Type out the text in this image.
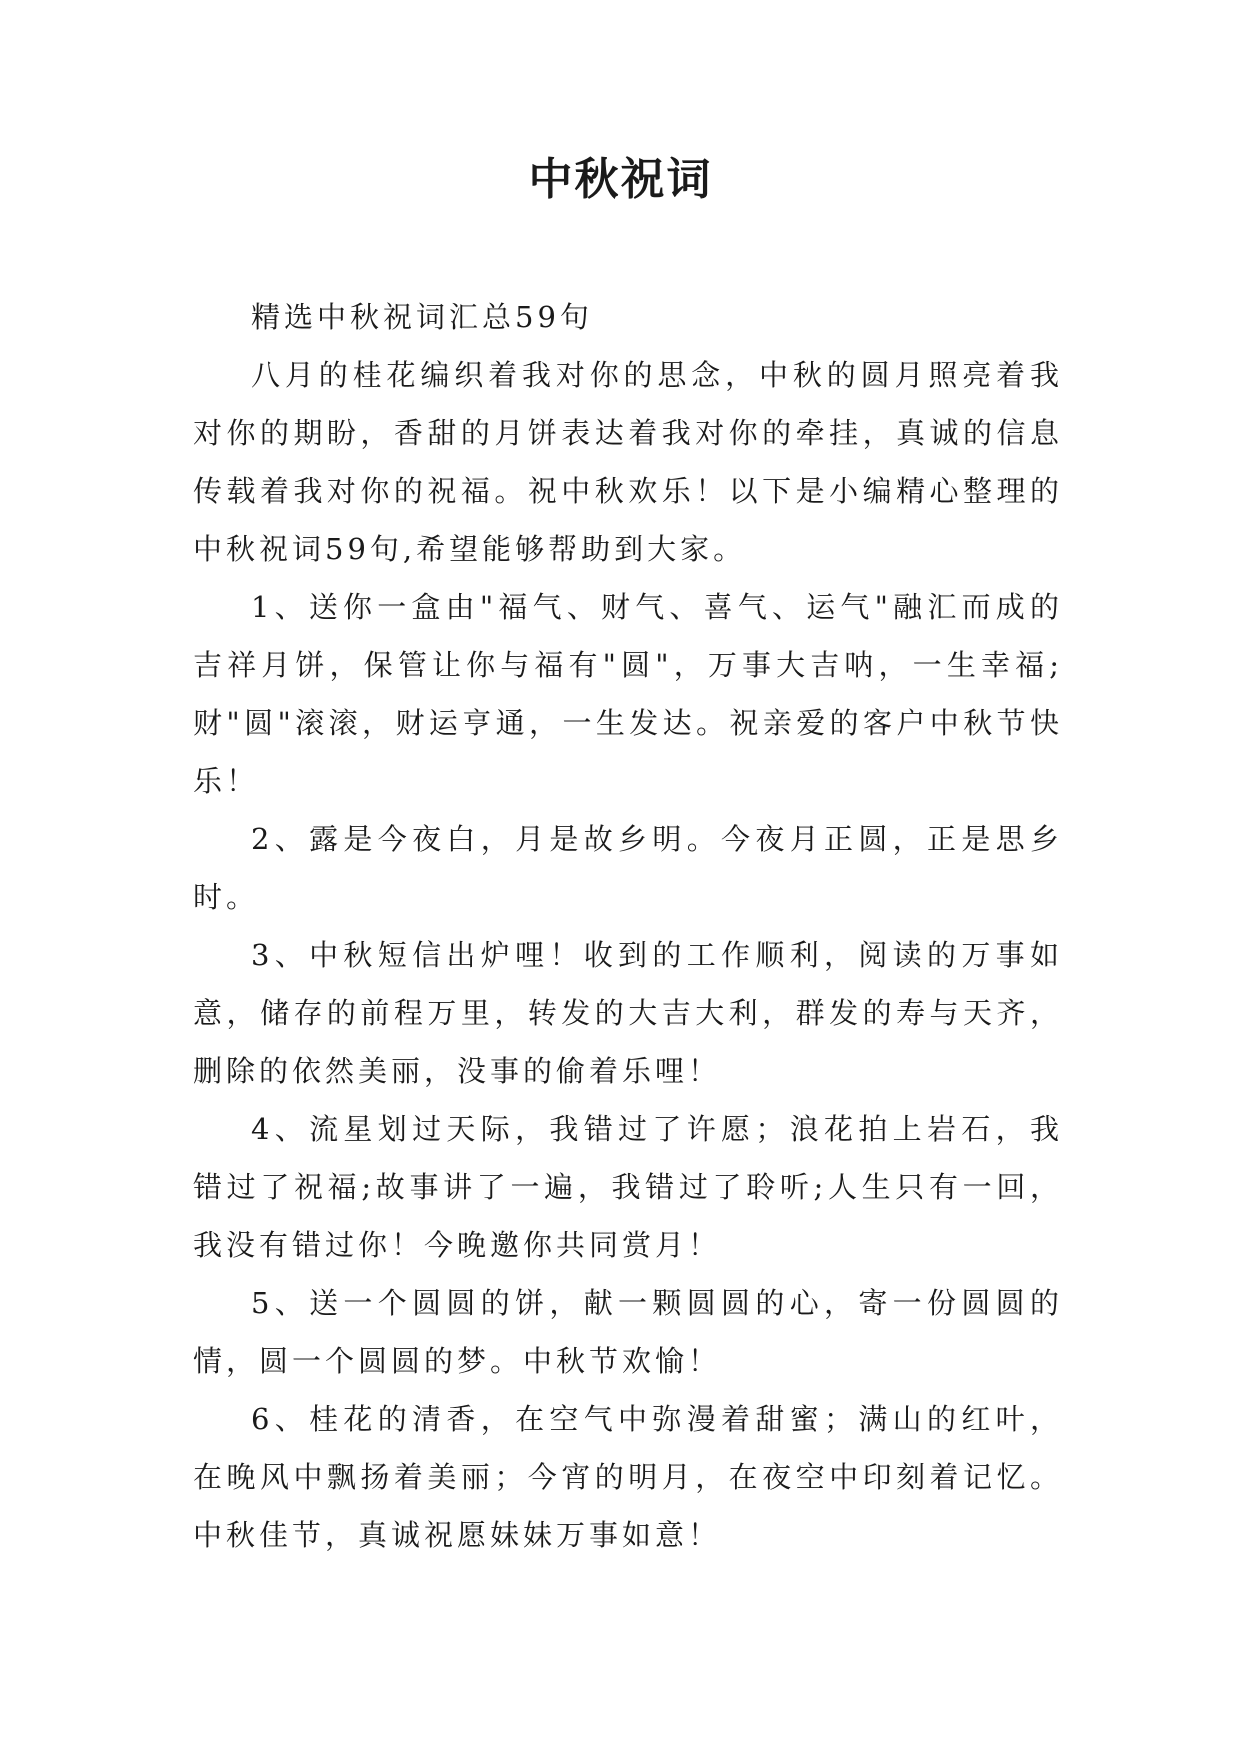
中秋祝词

精选中秋祝词汇总59句

八月的桂花编织着我对你的思念，中秋的圆月照亮着我对你的期盼，香甜的月饼表达着我对你的牵挂，真诚的信息传载着我对你的祝福。祝中秋欢乐！以下是小编精心整理的中秋祝词59句,希望能够帮助到大家。

1、送你一盒由"福气、财气、喜气、运气"融汇而成的吉祥月饼，保管让你与福有"圆"，万事大吉呐，一生幸福;财"圆"滚滚，财运亨通，一生发达。祝亲爱的客户中秋节快乐！

2、露是今夜白，月是故乡明。今夜月正圆，正是思乡时。

3、中秋短信出炉哩！收到的工作顺利，阅读的万事如意，储存的前程万里，转发的大吉大利，群发的寿与天齐，删除的依然美丽，没事的偷着乐哩！

4、流星划过天际，我错过了许愿；浪花拍上岩石，我错过了祝福;故事讲了一遍，我错过了聆听;人生只有一回，我没有错过你！今晚邀你共同赏月！

5、送一个圆圆的饼，献一颗圆圆的心，寄一份圆圆的情，圆一个圆圆的梦。中秋节欢愉！

6、桂花的清香，在空气中弥漫着甜蜜；满山的红叶，在晚风中飘扬着美丽；今宵的明月，在夜空中印刻着记忆。中秋佳节，真诚祝愿妹妹万事如意！
